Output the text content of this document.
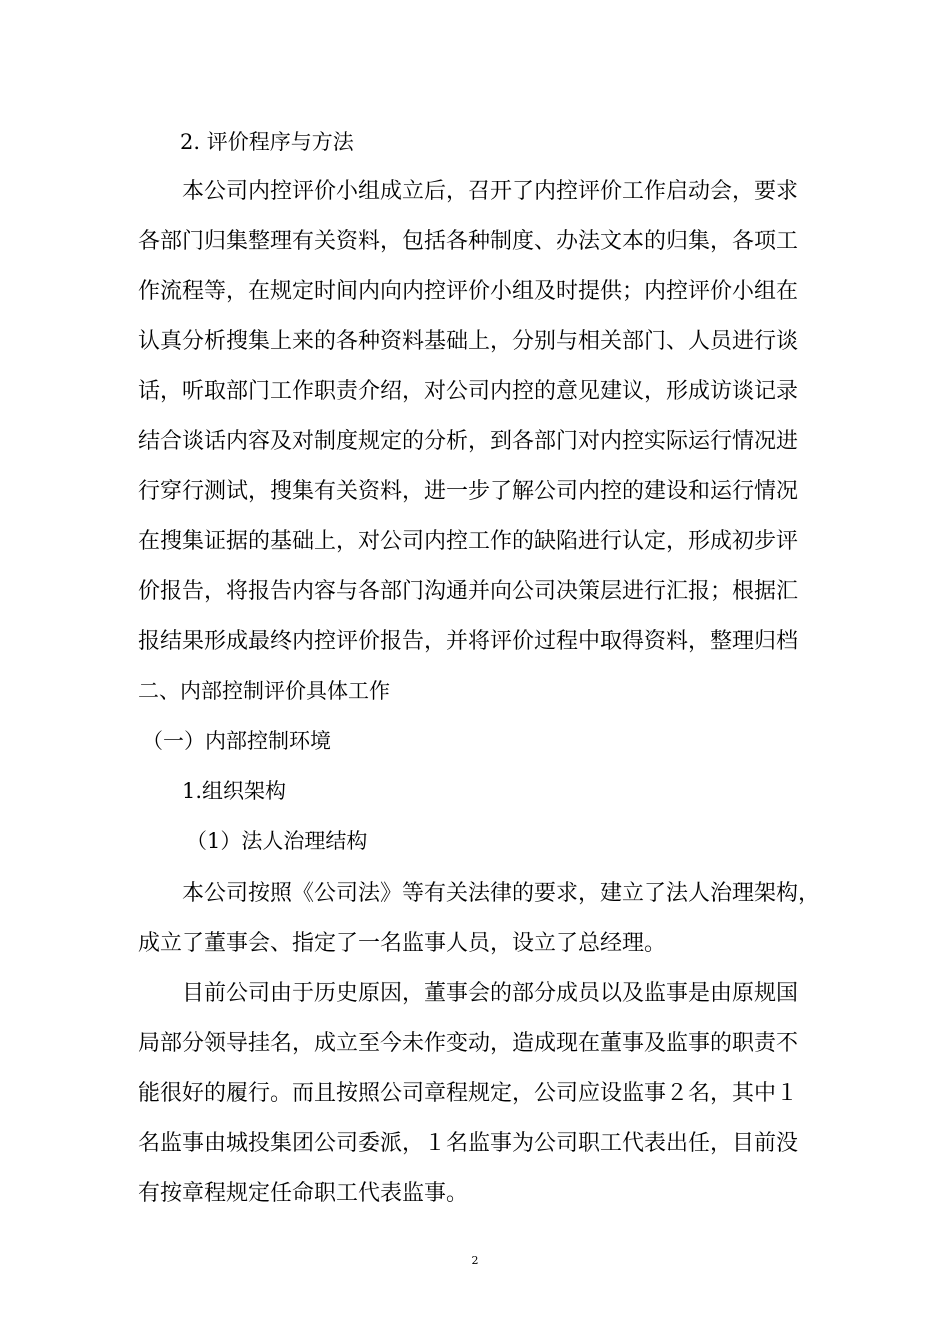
2. 评价程序与方法
　　本公司内控评价小组成立后，召开了内控评价工作启动会，要求
各部门归集整理有关资料，包括各种制度、办法文本的归集，各项工
作流程等，在规定时间内向内控评价小组及时提供；内控评价小组在
认真分析搜集上来的各种资料基础上，分别与相关部门、人员进行谈
话，听取部门工作职责介绍，对公司内控的意见建议，形成访谈记录
结合谈话内容及对制度规定的分析，到各部门对内控实际运行情况进
行穿行测试，搜集有关资料，进一步了解公司内控的建设和运行情况
在搜集证据的基础上，对公司内控工作的缺陷进行认定，形成初步评
价报告，将报告内容与各部门沟通并向公司决策层进行汇报；根据汇
报结果形成最终内控评价报告，并将评价过程中取得资料，整理归档
二、内部控制评价具体工作
（一）内部控制环境
1.组织架构
（1）法人治理结构
　　本公司按照《公司法》等有关法律的要求，建立了法人治理架构，
成立了董事会、指定了一名监事人员，设立了总经理。
　　目前公司由于历史原因，董事会的部分成员以及监事是由原规国
局部分领导挂名，成立至今未作变动，造成现在董事及监事的职责不
能很好的履行。而且按照公司章程规定，公司应设监事２名，其中１
名监事由城投集团公司委派，１名监事为公司职工代表出任，目前没
有按章程规定任命职工代表监事。
2
